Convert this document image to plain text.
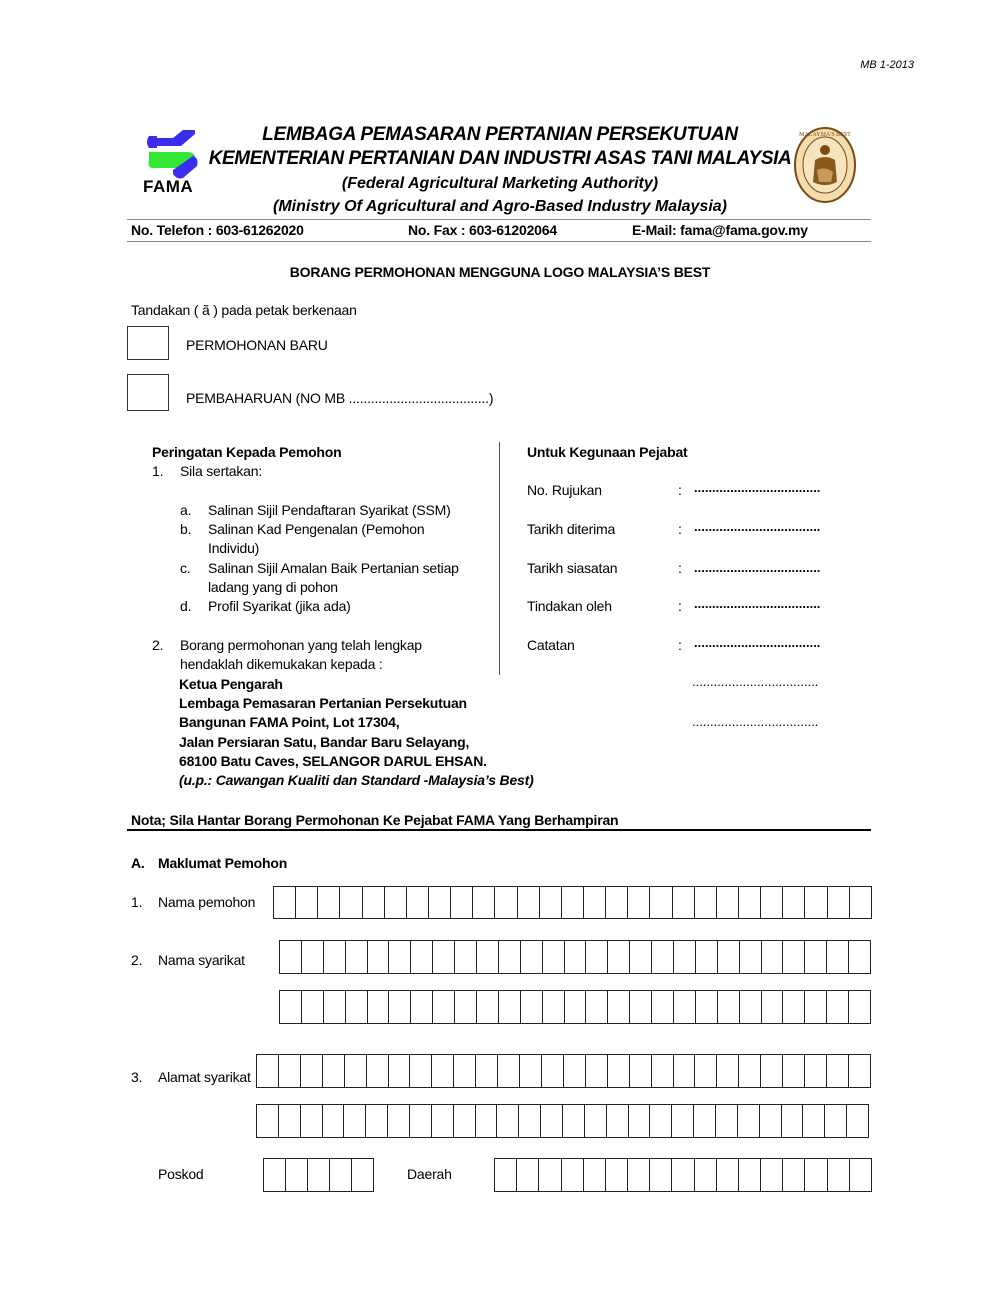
MB 1-2013
FAMA
LEMBAGA PEMASARAN PERTANIAN PERSEKUTUAN
KEMENTERIAN PERTANIAN DAN INDUSTRI ASAS TANI MALAYSIA
(Federal Agricultural Marketing Authority)
(Ministry Of Agricultural and Agro-Based Industry Malaysia)
MALAYSIA'S BEST
No. Telefon : 603-61262020	No. Fax : 603-61202064	E-Mail: fama@fama.gov.my
BORANG PERMOHONAN MENGGUNA LOGO MALAYSIA’S BEST
Tandakan ( ã ) pada petak berkenaan
PERMOHONAN BARU
PEMBAHARUAN (NO MB ......................................)
Peringatan Kepada Pemohon
1. Sila sertakan:
a. Salinan Sijil Pendaftaran Syarikat (SSM)
b. Salinan Kad Pengenalan (Pemohon
Individu)
c. Salinan Sijil Amalan Baik Pertanian setiap
ladang yang di pohon
d. Profil Syarikat (jika ada)
2. Borang permohonan yang telah lengkap
hendaklah dikemukakan kepada :
Ketua Pengarah
Lembaga Pemasaran Pertanian Persekutuan
Bangunan FAMA Point, Lot 17304,
Jalan Persiaran Satu, Bandar Baru Selayang,
68100 Batu Caves, SELANGOR DARUL EHSAN.
(u.p.: Cawangan Kualiti dan Standard -Malaysia’s Best)
Untuk Kegunaan Pejabat
No. Rujukan	: ...................................
Tarikh diterima	: ...................................
Tarikh siasatan	: ...................................
Tindakan oleh	: ...................................
Catatan	: ...................................
...................................
...................................
Nota; Sila Hantar Borang Permohonan Ke Pejabat FAMA Yang Berhampiran
A. Maklumat Pemohon
1. Nama pemohon
2. Nama syarikat
3. Alamat syarikat
Poskod	Daerah
